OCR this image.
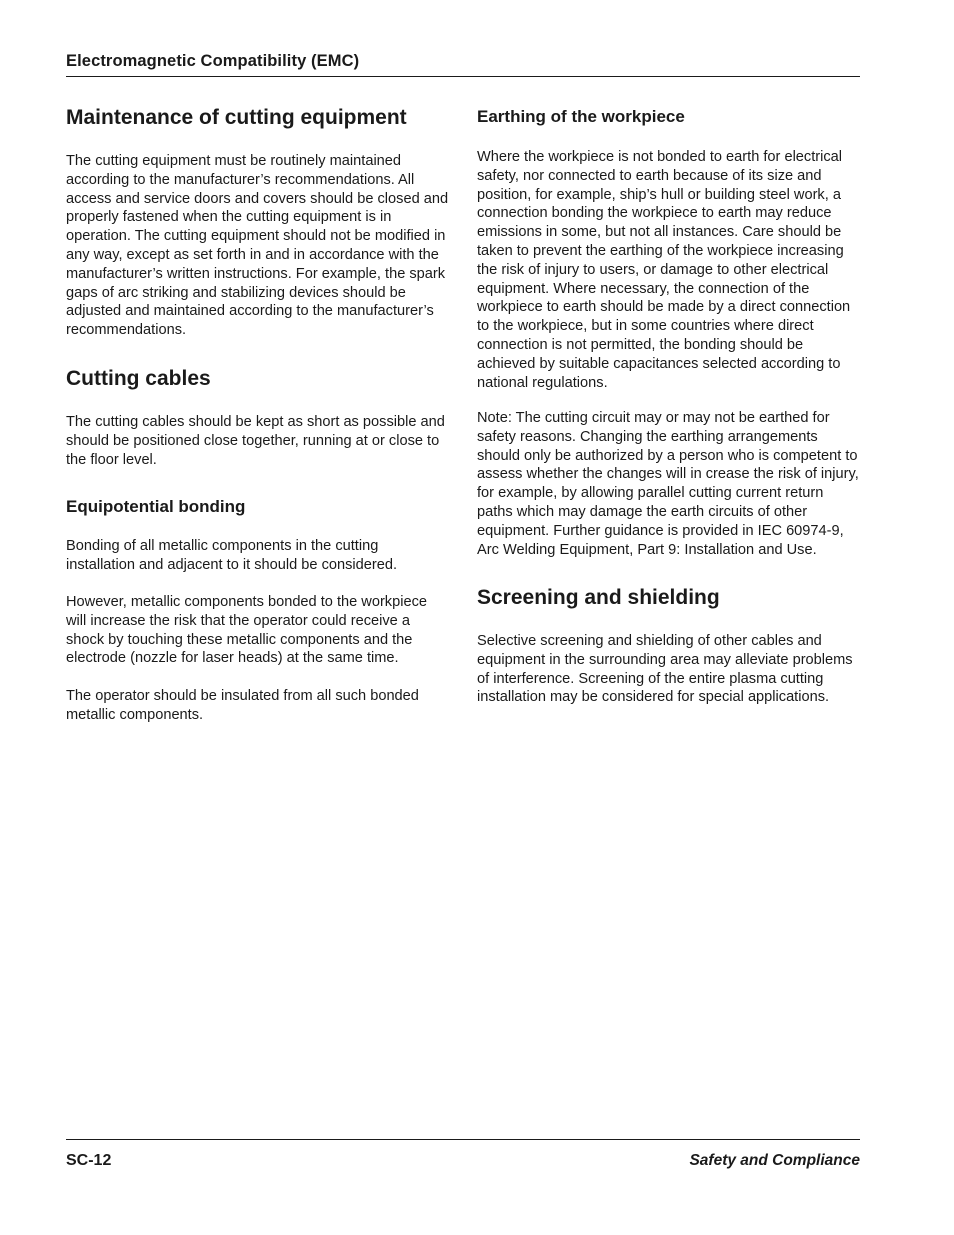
Electromagnetic Compatibility (EMC)
Maintenance of cutting equipment

The cutting equipment must be routinely maintained according to the manufacturer’s recommendations. All access and service doors and covers should be closed and properly fastened when the cutting equipment is in operation. The cutting equipment should not be modified in any way, except as set forth in and in accordance with the manufacturer’s written instructions. For example, the spark gaps of arc striking and stabilizing devices should be adjusted and maintained according to the manufacturer’s recommendations.

Cutting cables

The cutting cables should be kept as short as possible and should be positioned close together, running at or close to the floor level.

Equipotential bonding

Bonding of all metallic components in the cutting installation and adjacent to it should be considered.

However, metallic components bonded to the workpiece will increase the risk that the operator could receive a shock by touching these metallic components and the electrode (nozzle for laser heads) at the same time.

The operator should be insulated from all such bonded metallic components.

Earthing of the workpiece

Where the workpiece is not bonded to earth for electrical safety, nor connected to earth because of its size and position, for example, ship’s hull or building steel work, a connection bonding the workpiece to earth may reduce emissions in some, but not all instances. Care should be taken to prevent the earthing of the workpiece increasing the risk of injury to users, or damage to other electrical equipment. Where necessary, the connection of the workpiece to earth should be made by a direct connection to the workpiece, but in some countries where direct connection is not permitted, the bonding should be achieved by suitable capacitances selected according to national regulations.

Note: The cutting circuit may or may not be earthed for safety reasons. Changing the earthing arrangements should only be authorized by a person who is competent to assess whether the changes will in crease the risk of injury, for example, by allowing parallel cutting current return paths which may damage the earth circuits of other equipment. Further guidance is provided in IEC 60974-9, Arc Welding Equipment, Part 9: Installation and Use.

Screening and shielding

Selective screening and shielding of other cables and equipment in the surrounding area may alleviate problems of interference. Screening of the entire plasma cutting installation may be considered for special applications.

SC-12	Safety and Compliance
